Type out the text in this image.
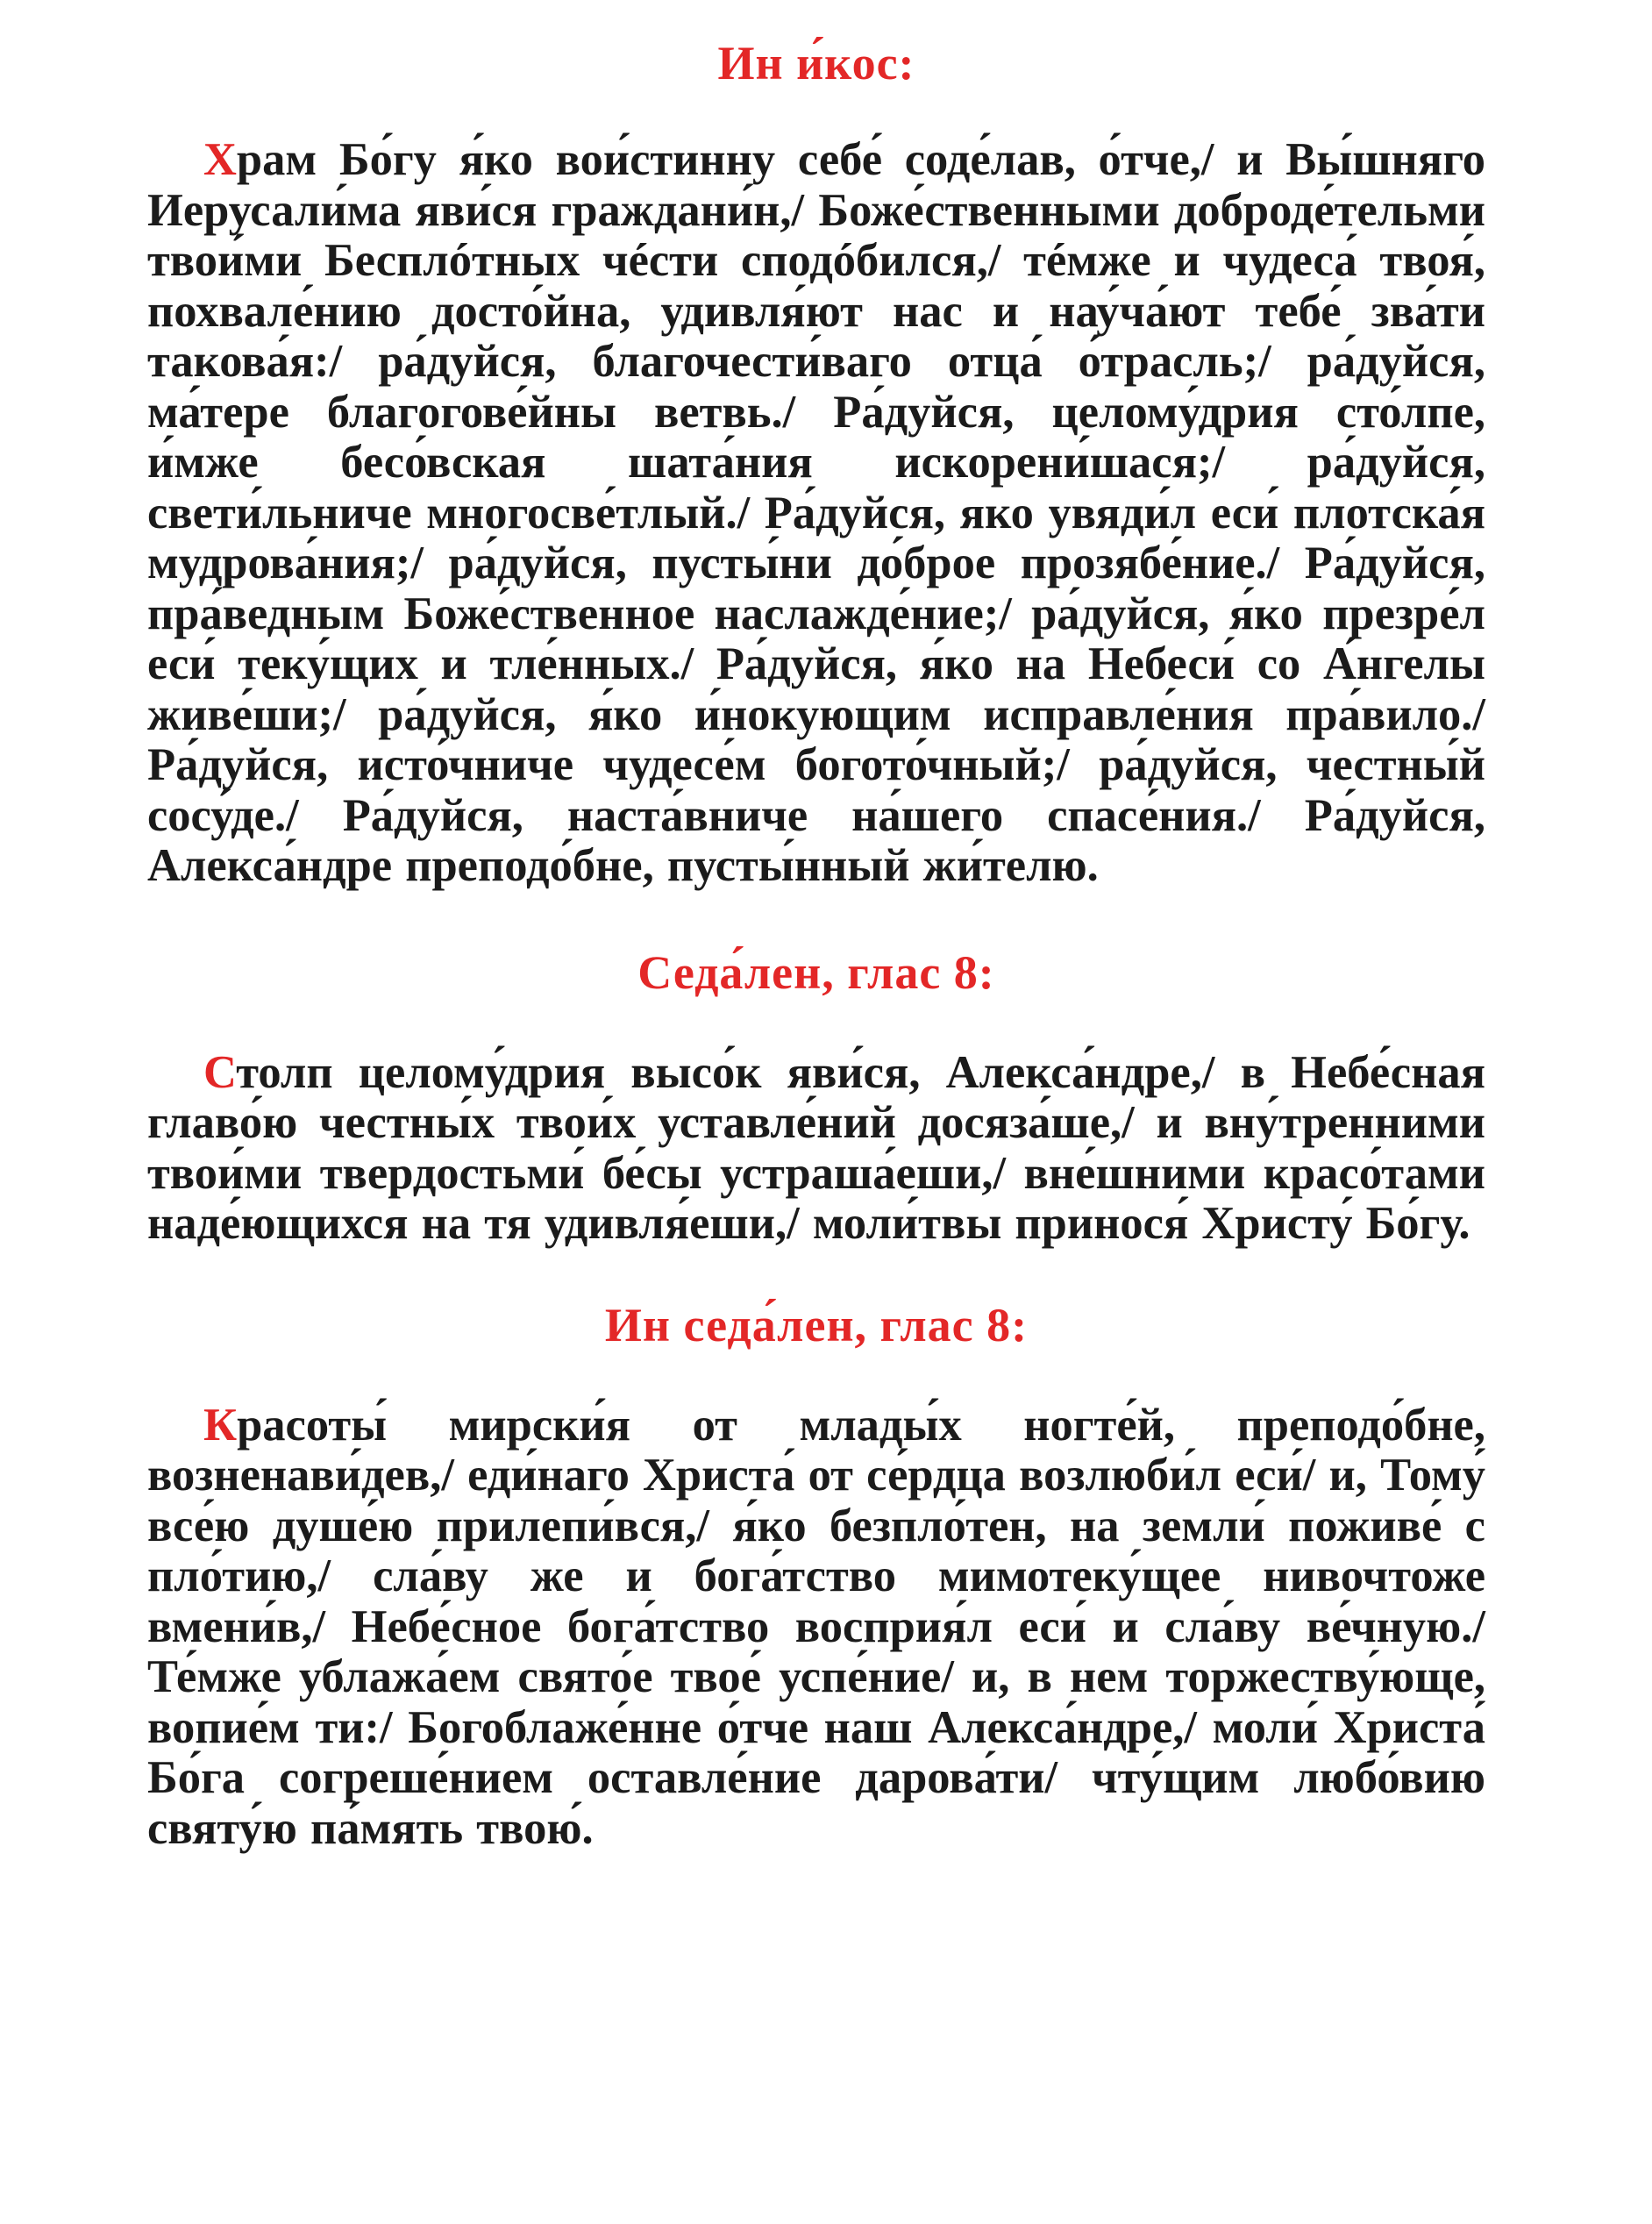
Ин и́кос:

Храм Бо́гу я́ко вои́стинну себе́ соде́лав, о́тче,/ и Вы́шняго Иерусали́ма яви́ся граждани́н,/ Боже́ственными доброде́тельми твои́ми Бесплóтных чéсти сподóбился,/ тéмже и чудеса́ твоя́, похвале́нию досто́йна, удивля́ют нас и нау́ча́ют тебе́ зва́ти такова́я:/ ра́дуйся, благочести́ваго отца́ о́трасль;/ ра́дуйся, ма́тере благогове́йны ветвь./ Ра́дуйся, целому́дрия сто́лпе, и́мже бесо́вская шата́ния искорени́шася;/ ра́дуйся, свети́льниче многосве́тлый./ Ра́дуйся, яко увяди́л еси́ плотска́я мудрова́ния;/ ра́дуйся, пусты́ни до́брое прозябе́ние./ Ра́дуйся, пра́ведным Боже́ственное наслажде́ние;/ ра́дуйся, я́ко презре́л еси́ теку́щих и тле́нных./ Ра́дуйся, я́ко на Небеси́ со А́нгелы живе́ши;/ ра́дуйся, я́ко и́нокующим исправле́ния пра́вило./ Ра́дуйся, исто́чниче чудесе́м богото́чный;/ ра́дуйся, честны́й сосу́де./ Ра́дуйся, наста́вниче на́шего спасе́ния./ Ра́дуйся, Алекса́ндре преподо́бне, пусты́нный жи́телю.

Седа́лен, глас 8:

Столп целому́дрия высо́к яви́ся, Алекса́ндре,/ в Небе́сная главо́ю честны́х твои́х уставле́ний досяза́ше,/ и вну́тренними твои́ми твердостьми́ бе́сы устраша́еши,/ вне́шними красо́тами наде́ющихся на тя удивля́еши,/ моли́твы принося́ Христу́ Бо́гу.

Ин седа́лен, глас 8:

Красоты́ мирски́я от млады́х ногте́й, преподо́бне, возненави́дев,/ еди́наго Христа́ от се́рдца возлюби́л еси́/ и, Тому́ все́ю душе́ю прилепи́вся,/ я́ко безпло́тен, на земли́ поживе́ с пло́тию,/ сла́ву же и бога́тство мимотеку́щее нивочтоже вмени́в,/ Небе́сное бога́тство восприя́л еси́ и сла́ву ве́чную./ Те́мже ублажа́ем свято́е твое́ успе́ние/ и, в нем торжеству́юще, вопие́м ти:/ Богоблаже́нне о́тче наш Алекса́ндре,/ моли́ Христа́ Бо́га согреше́нием оставле́ние дарова́ти/ чту́щим любо́вию святу́ю па́мять твою́.
